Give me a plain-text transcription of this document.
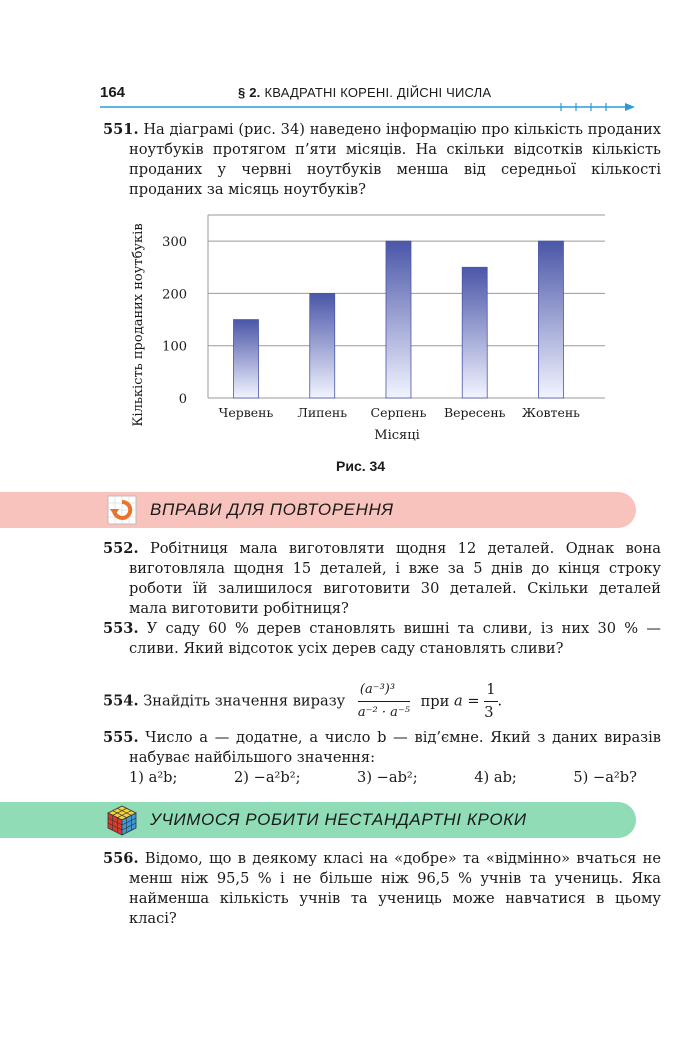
164	§ 2. КВАДРАТНІ КОРЕНІ. ДІЙСНІ ЧИСЛА
551. На діаграмі (рис. 34) наведено інформацію про кількість проданих ноутбуків протягом п’яти місяців. На скільки відсотків кількість проданих у червні ноутбуків менша від середньої кількості проданих за місяць ноутбуків?
0
100
200
300
Червень Липень Серпень Вересень Жовтень
Кількість проданих ноутбуків
Місяці
Рис. 34
ВПРАВИ ДЛЯ ПОВТОРЕННЯ
552. Робітниця мала виготовляти щодня 12 деталей. Однак вона виготовляла щодня 15 деталей, і вже за 5 днів до кінця строку роботи їй залишилося виготовити 30 деталей. Скільки деталей мала виготовити робітниця?
553. У саду 60 % дерев становлять вишні та сливи, із них 30 % — сливи. Який відсоток усіх дерев саду становлять сливи?
554. Знайдіть значення виразу $\frac{\text{(a⁻³)³}}{\text{a⁻² · a⁻⁵}}$ при $a = \frac{1}{3}$ .
555. Число a — додатне, а число b — від’ємне. Який з даних виразів набуває найбільшого значення:
1) a²b;	2) −a²b²;	3) −ab²;	4) ab;	5) −a²b?
УЧИМОСЯ РОБИТИ НЕСТАНДАРТНІ КРОКИ
556. Відомо, що в деякому класі на «добре» та «відмінно» вчаться не менш ніж 95,5 % і не більше ніж 96,5 % учнів та учениць. Яка найменша кількість учнів та учениць може навчатися в цьому класі?
